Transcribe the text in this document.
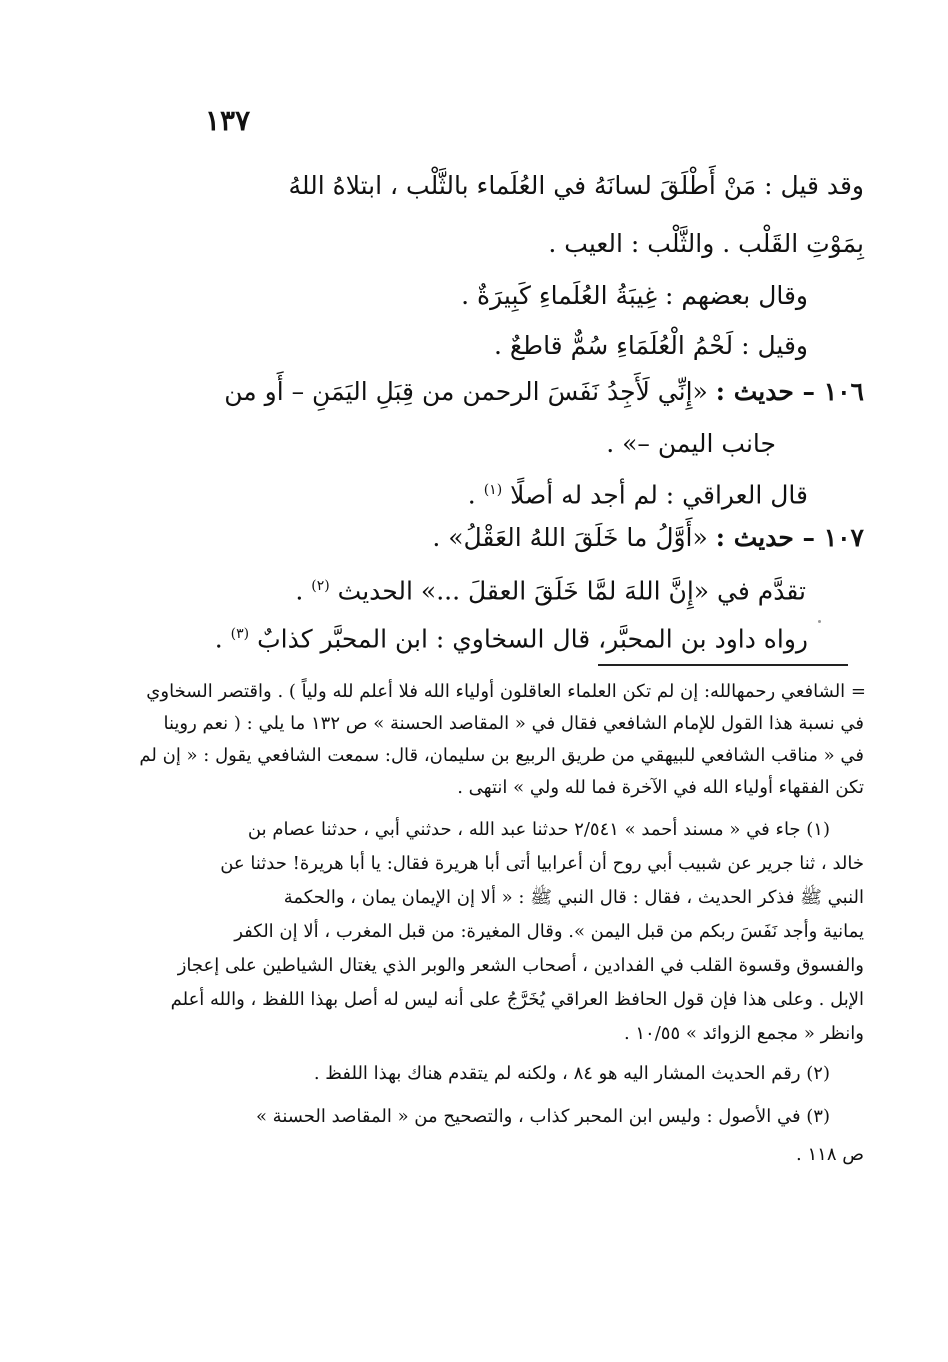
١٣٧
وقد قيل : مَنْ أَطْلَقَ لسانَهُ في العُلَماء بالثَّلْب ، ابتلاهُ اللهُ
بِمَوْتِ القَلْب . والثَّلْب : العيب .
وقال بعضهم : غِيبَةُ العُلَماءِ كَبِيرَةٌ .
وقيل : لَحْمُ الْعُلَمَاءِ سُمٌّ قاطعٌ .
١٠٦ – حديث : «إِنِّي لَأَجِدُ نَفَسَ الرحمن من قِبَلِ اليَمَنِ – أَو من
جانب اليمن –» .
قال العراقي : لم أجد له أصلًا $^{(١)}$ .
١٠٧ – حديث : «أَوَّلُ ما خَلَقَ اللهُ العَقْلُ» .
تقدَّم في «إِنَّ اللهَ لمَّا خَلَقَ العقلَ ...» الحديث $^{(٢)}$ .
رواه داود بن المحبَّر، قال السخاوي : ابن المحبَّر كذابٌ $^{(٣)}$ .
= الشافعي رحمهالله: إن لم تكن العلماء العاقلون أولياء الله فلا أعلم لله ولياً ) . واقتصر السخاوي
في نسبة هذا القول للإمام الشافعي فقال في « المقاصد الحسنة » ص ١٣٢ ما يلي : ( نعم روينا
في « مناقب الشافعي للبيهقي من طريق الربيع بن سليمان، قال: سمعت الشافعي يقول : « إن لم
تكن الفقهاء أولياء الله في الآخرة فما لله ولي » انتهى .
(١) جاء في « مسند أحمد » ٢/٥٤١ حدثنا عبد الله ، حدثني أبي ، حدثنا عصام بن
خالد ، ثنا جرير عن شبيب أبي روح أن أعرابيا أتى أبا هريرة فقال: يا أبا هريرة! حدثنا عن
النبي ﷺ فذكر الحديث ، فقال : قال النبي ﷺ : « ألا إن الإيمان يمان ، والحكمة
يمانية وأجد نَفَسَ ربكم من قبل اليمن ». وقال المغيرة: من قبل المغرب ، ألا إن الكفر
والفسوق وقسوة القلب في الفدادين ، أصحاب الشعر والوبر الذي يغتال الشياطين على إعجاز
الإبل . وعلى هذا فإن قول الحافظ العراقي يُخَرَّجُ على أنه ليس له أصل بهذا اللفظ ، والله أعلم
وانظر « مجمع الزوائد » ١٠/٥٥ .
(٢) رقم الحديث المشار اليه هو ٨٤ ، ولكنه لم يتقدم هناك بهذا اللفظ .
(٣) في الأصول : وليس ابن المحبر كذاب ، والتصحيح من « المقاصد الحسنة »
ص ١١٨ .
